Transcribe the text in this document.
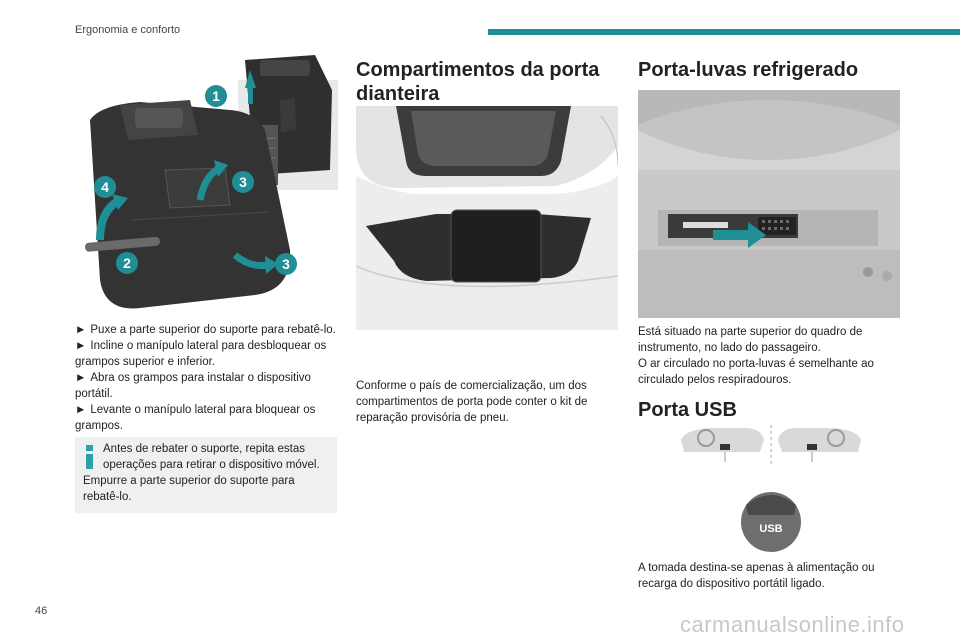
Ergonomia e conforto
1
2
3
3
4

► Puxe a parte superior do suporte para rebatê-lo.

► Incline o manípulo lateral para desbloquear os grampos superior e inferior.

► Abra os grampos para instalar o dispositivo portátil.

► Levante o manípulo lateral para bloquear os grampos.

Antes de rebater o suporte, repita estas operações para retirar o dispositivo móvel.
Empurre a parte superior do suporte para rebatê-lo.
Compartimentos da porta dianteira

Conforme o país de comercialização, um dos compartimentos de porta pode conter o kit de reparação provisória de pneu.

Porta-luvas refrigerado

Está situado na parte superior do quadro de instrumento, no lado do passageiro.
O ar circulado no porta-luvas é semelhante ao circulado pelos respiradouros.

Porta USB
USB

A tomada destina-se apenas à alimentação ou recarga do dispositivo portátil ligado.

46
carmanualsonline.info
